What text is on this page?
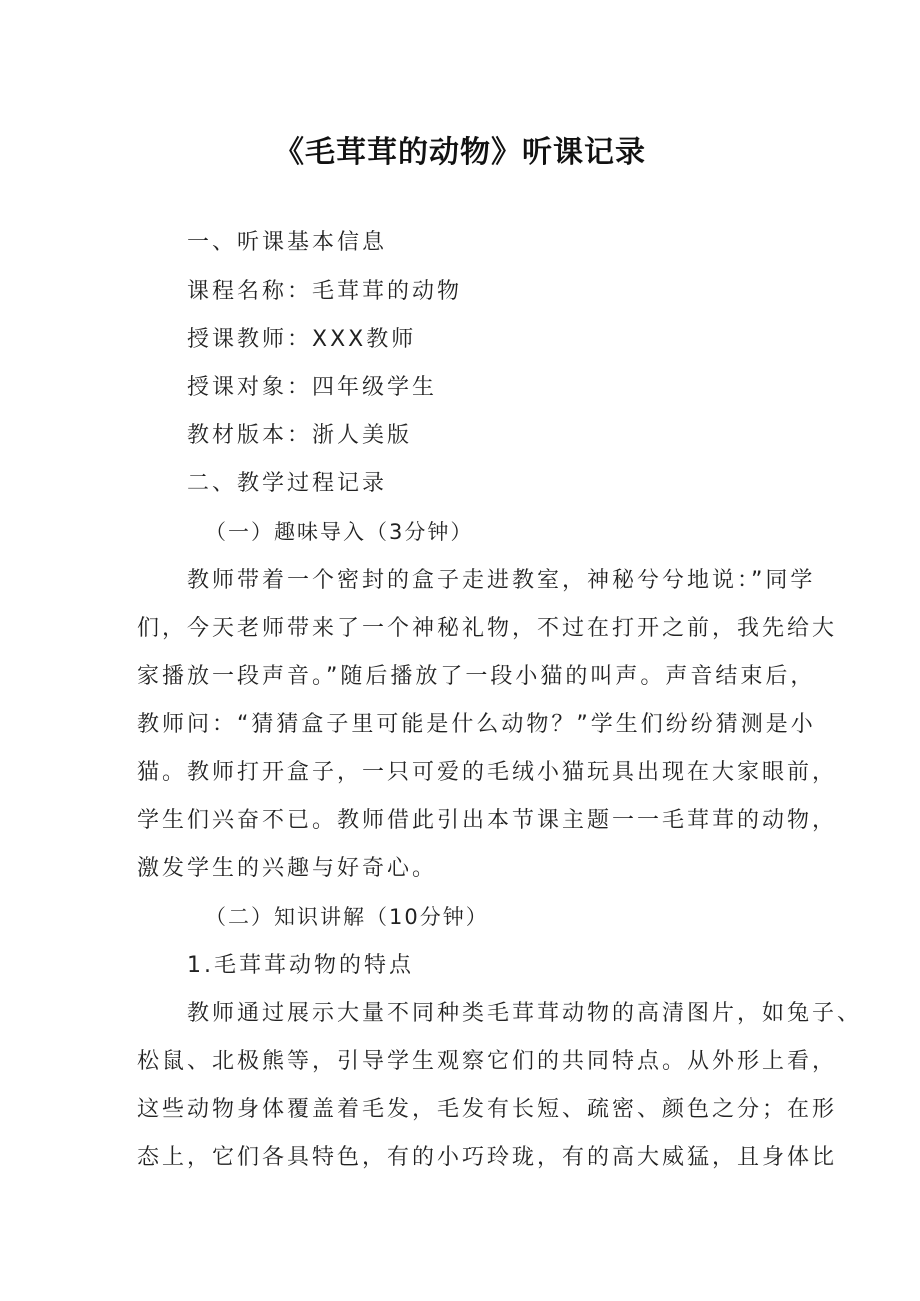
《毛茸茸的动物》听课记录
一、听课基本信息
课程名称：毛茸茸的动物
授课教师：XXX教师
授课对象：四年级学生
教材版本：浙人美版
二、教学过程记录
（一）趣味导入（3分钟）
教师带着一个密封的盒子走进教室，神秘兮兮地说：”同学
们，今天老师带来了一个神秘礼物，不过在打开之前，我先给大
家播放一段声音。”随后播放了一段小猫的叫声。声音结束后，
教师问：“猜猜盒子里可能是什么动物？”学生们纷纷猜测是小
猫。教师打开盒子，一只可爱的毛绒小猫玩具出现在大家眼前，
学生们兴奋不已。教师借此引出本节课主题一一毛茸茸的动物，
激发学生的兴趣与好奇心。
（二）知识讲解（10分钟）
1.毛茸茸动物的特点
教师通过展示大量不同种类毛茸茸动物的高清图片，如兔子、
松鼠、北极熊等，引导学生观察它们的共同特点。从外形上看，
这些动物身体覆盖着毛发，毛发有长短、疏密、颜色之分；在形
态上，它们各具特色，有的小巧玲珑，有的高大威猛，且身体比
